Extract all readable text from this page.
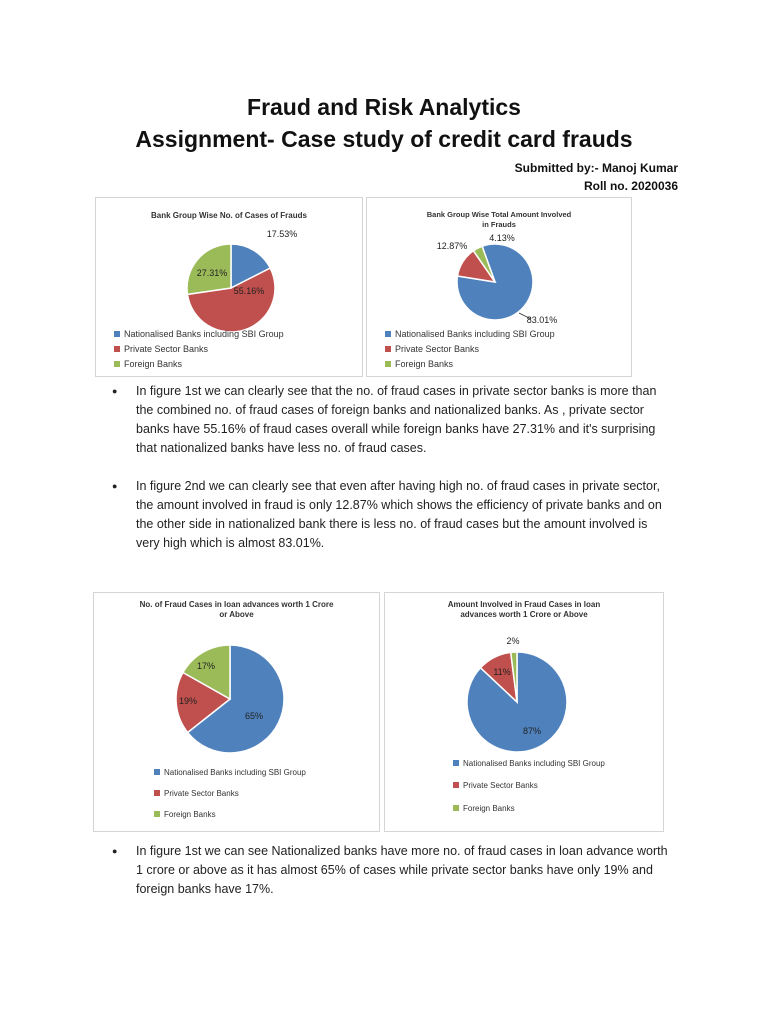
Fraud and Risk Analytics
Assignment- Case study of credit card frauds
Submitted by:- Manoj Kumar
Roll no. 2020036
Bank Group Wise No. of Cases of Frauds
17.53%
55.16%
27.31%
Nationalised Banks including SBI Group
Private Sector Banks
Foreign Banks
Bank Group Wise Total Amount Involved
in Frauds
83.01%
12.87%
4.13%
Nationalised Banks including SBI Group
Private Sector Banks
Foreign Banks
● In figure 1st we can clearly see that the no. of fraud cases in private sector banks is more than the combined no. of fraud cases of foreign banks and nationalized banks. As , private sector banks have 55.16% of fraud cases overall while foreign banks have 27.31% and it's surprising that nationalized banks have less no. of fraud cases.
● In figure 2nd we can clearly see that even after having high no. of fraud cases in private sector, the amount involved in fraud is only 12.87% which shows the efficiency of private banks and on the other side in nationalized bank there is less no. of fraud cases but the amount involved is very high which is almost 83.01%.
No. of Fraud Cases in loan advances worth 1 Crore
or Above
65%
19%
17%
Nationalised Banks including SBI Group
Private Sector Banks
Foreign Banks
Amount Involved in Fraud Cases in loan
advances worth 1 Crore or Above
87%
11%
2%
Nationalised Banks including SBI Group
Private Sector Banks
Foreign Banks
● In figure 1st we can see Nationalized banks have more no. of fraud cases in loan advance worth 1 crore or above as it has almost 65% of cases while private sector banks have only 19% and foreign banks have 17%.
